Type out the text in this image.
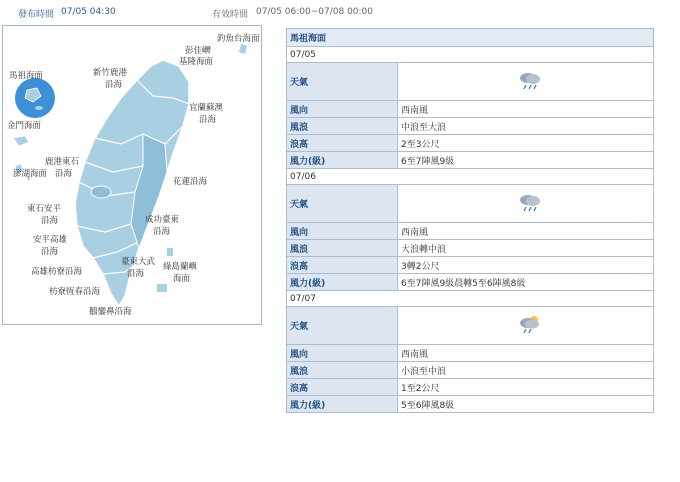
發布時間 07/05 04:30	有效時間 07/05 06:00~07/08 00:00
馬祖海面
金門海面
澎湖海面
鹿港東石
沿海
東石安平
沿海
安平高雄
沿海
高雄枋寮沿海
枋寮恆春沿海
鵝鑾鼻沿海
新竹鹿港
沿海
彭佳嶼
基隆海面
釣魚台海面
宜蘭蘇澳
沿海
花蓮沿海
成功臺東
沿海
臺東大武
沿海
綠島蘭嶼
海面
馬祖海面	
07/05	
天氣	
風向	西南風
風浪	中浪至大浪
浪高	2至3公尺
風力(級)	6至7陣風9級
07/06	
天氣	
風向	西南風
風浪	大浪轉中浪
浪高	3轉2公尺
風力(級)	6至7陣風9級晨轉5至6陣風8級
07/07	
天氣	
風向	西南風
風浪	小浪至中浪
浪高	1至2公尺
風力(級)	5至6陣風8級
